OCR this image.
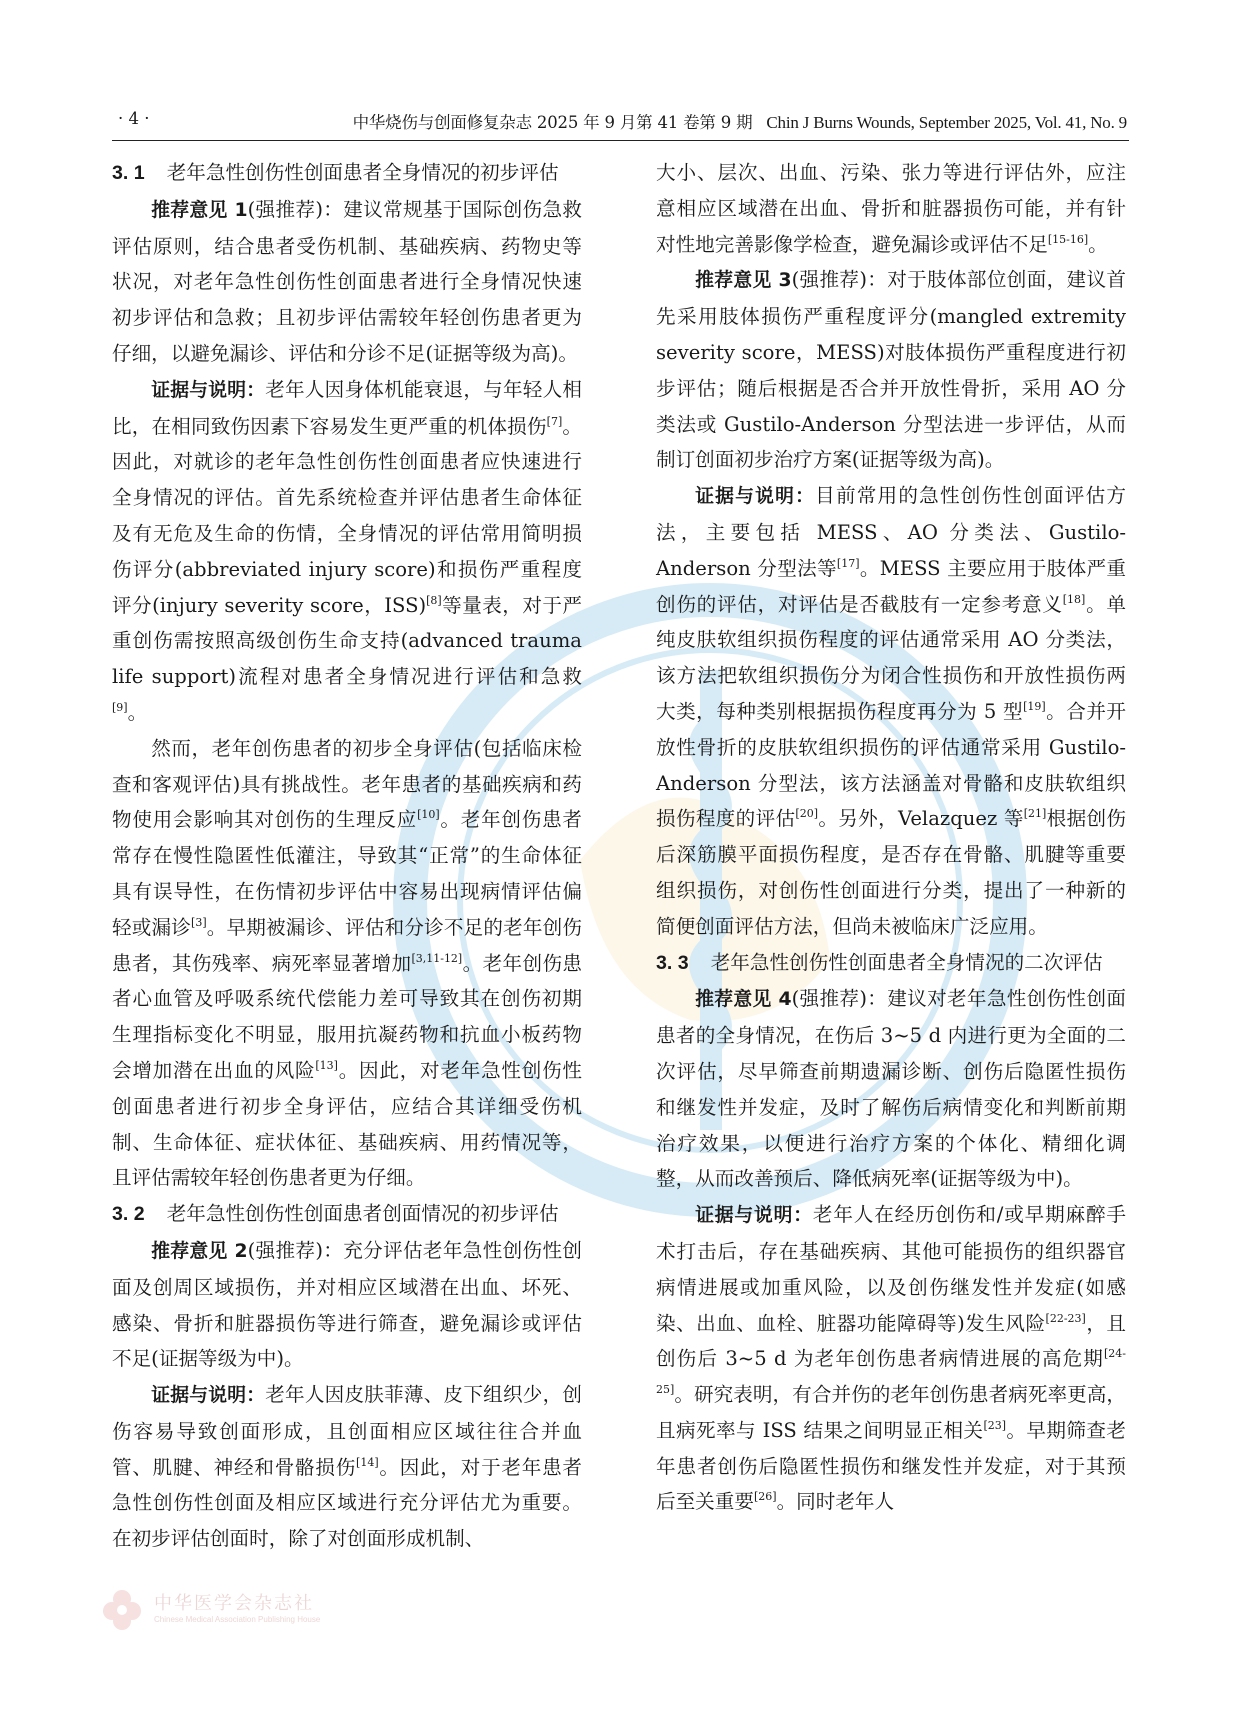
· 4 ·	中华烧伤与创面修复杂志 2025 年 9 月第 41 卷第 9 期 Chin J Burns Wounds, September 2025, Vol. 41, No. 9
3. 1 老年急性创伤性创面患者全身情况的初步评估

推荐意见 1(强推荐)：建议常规基于国际创伤急救评估原则，结合患者受伤机制、基础疾病、药物史等状况，对老年急性创伤性创面患者进行全身情况快速初步评估和急救；且初步评估需较年轻创伤患者更为仔细，以避免漏诊、评估和分诊不足(证据等级为高)。

证据与说明：老年人因身体机能衰退，与年轻人相比，在相同致伤因素下容易发生更严重的机体损伤[7]。因此，对就诊的老年急性创伤性创面患者应快速进行全身情况的评估。首先系统检查并评估患者生命体征及有无危及生命的伤情，全身情况的评估常用简明损伤评分(abbreviated injury score)和损伤严重程度评分(injury severity score，ISS)[8]等量表，对于严重创伤需按照高级创伤生命支持(advanced trauma life support)流程对患者全身情况进行评估和急救[9]。

然而，老年创伤患者的初步全身评估(包括临床检查和客观评估)具有挑战性。老年患者的基础疾病和药物使用会影响其对创伤的生理反应[10]。老年创伤患者常存在慢性隐匿性低灌注，导致其“正常”的生命体征具有误导性，在伤情初步评估中容易出现病情评估偏轻或漏诊[3]。早期被漏诊、评估和分诊不足的老年创伤患者，其伤残率、病死率显著增加[3,11-12]。老年创伤患者心血管及呼吸系统代偿能力差可导致其在创伤初期生理指标变化不明显，服用抗凝药物和抗血小板药物会增加潜在出血的风险[13]。因此，对老年急性创伤性创面患者进行初步全身评估，应结合其详细受伤机制、生命体征、症状体征、基础疾病、用药情况等，且评估需较年轻创伤患者更为仔细。

3. 2 老年急性创伤性创面患者创面情况的初步评估

推荐意见 2(强推荐)：充分评估老年急性创伤性创面及创周区域损伤，并对相应区域潜在出血、坏死、感染、骨折和脏器损伤等进行筛查，避免漏诊或评估不足(证据等级为中)。

证据与说明：老年人因皮肤菲薄、皮下组织少，创伤容易导致创面形成，且创面相应区域往往合并血管、肌腱、神经和骨骼损伤[14]。因此，对于老年患者急性创伤性创面及相应区域进行充分评估尤为重要。在初步评估创面时，除了对创面形成机制、

大小、层次、出血、污染、张力等进行评估外，应注意相应区域潜在出血、骨折和脏器损伤可能，并有针对性地完善影像学检查，避免漏诊或评估不足[15-16]。

推荐意见 3(强推荐)：对于肢体部位创面，建议首先采用肢体损伤严重程度评分(mangled extremity severity score，MESS)对肢体损伤严重程度进行初步评估；随后根据是否合并开放性骨折，采用 AO 分类法或 Gustilo-Anderson 分型法进一步评估，从而制订创面初步治疗方案(证据等级为高)。

证据与说明：目前常用的急性创伤性创面评估方法，主要包括 MESS、AO 分类法、Gustilo-Anderson 分型法等[17]。MESS 主要应用于肢体严重创伤的评估，对评估是否截肢有一定参考意义[18]。单纯皮肤软组织损伤程度的评估通常采用 AO 分类法，该方法把软组织损伤分为闭合性损伤和开放性损伤两大类，每种类别根据损伤程度再分为 5 型[19]。合并开放性骨折的皮肤软组织损伤的评估通常采用 Gustilo-Anderson 分型法，该方法涵盖对骨骼和皮肤软组织损伤程度的评估[20]。另外，Velazquez 等[21]根据创伤后深筋膜平面损伤程度，是否存在骨骼、肌腱等重要组织损伤，对创伤性创面进行分类，提出了一种新的简便创面评估方法，但尚未被临床广泛应用。

3. 3 老年急性创伤性创面患者全身情况的二次评估

推荐意见 4(强推荐)：建议对老年急性创伤性创面患者的全身情况，在伤后 3~5 d 内进行更为全面的二次评估，尽早筛查前期遗漏诊断、创伤后隐匿性损伤和继发性并发症，及时了解伤后病情变化和判断前期治疗效果，以便进行治疗方案的个体化、精细化调整，从而改善预后、降低病死率(证据等级为中)。

证据与说明：老年人在经历创伤和/或早期麻醉手术打击后，存在基础疾病、其他可能损伤的组织器官病情进展或加重风险，以及创伤继发性并发症(如感染、出血、血栓、脏器功能障碍等)发生风险[22-23]，且创伤后 3~5 d 为老年创伤患者病情进展的高危期[24-25]。研究表明，有合并伤的老年创伤患者病死率更高，且病死率与 ISS 结果之间明显正相关[23]。早期筛查老年患者创伤后隐匿性损伤和继发性并发症，对于其预后至关重要[26]。同时老年人

中华医学会杂志社
Chinese Medical Association Publishing House
